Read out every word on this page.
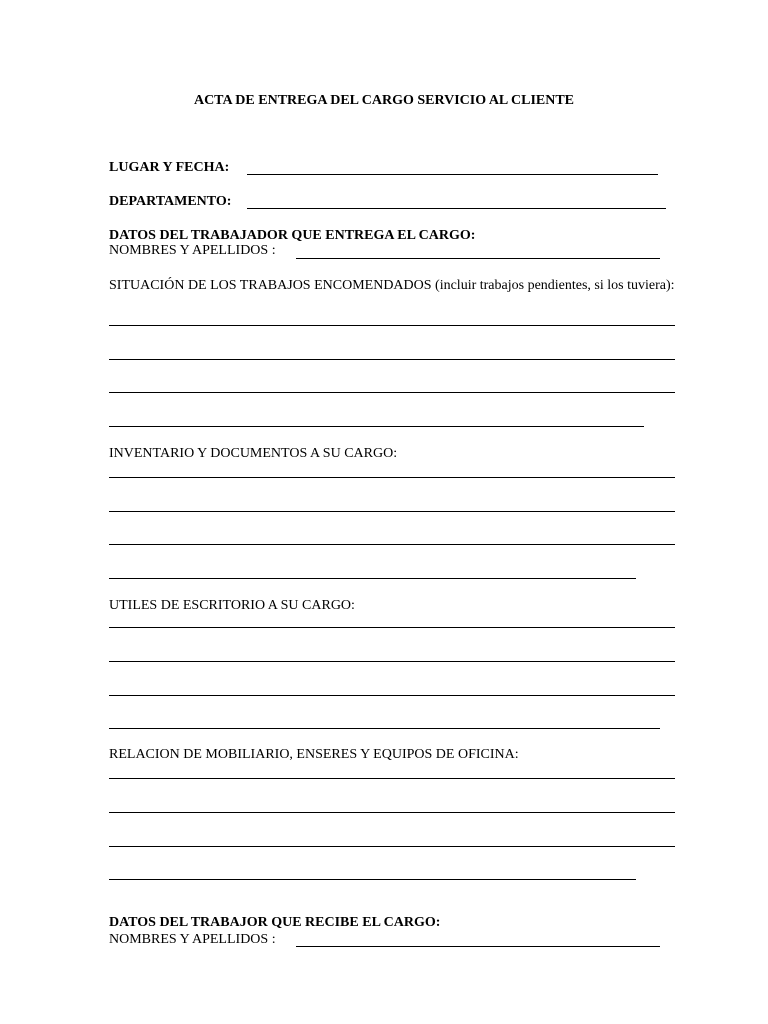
ACTA DE ENTREGA DEL CARGO SERVICIO AL CLIENTE
LUGAR Y FECHA:
DEPARTAMENTO:
DATOS DEL TRABAJADOR QUE ENTREGA EL CARGO:
NOMBRES Y APELLIDOS :
SITUACIÓN DE LOS TRABAJOS ENCOMENDADOS (incluir trabajos pendientes, si los tuviera):
INVENTARIO Y DOCUMENTOS A SU CARGO:
UTILES DE ESCRITORIO A SU CARGO:
RELACION DE MOBILIARIO, ENSERES Y EQUIPOS DE OFICINA:
DATOS DEL TRABAJOR QUE RECIBE EL CARGO:
NOMBRES Y APELLIDOS :
